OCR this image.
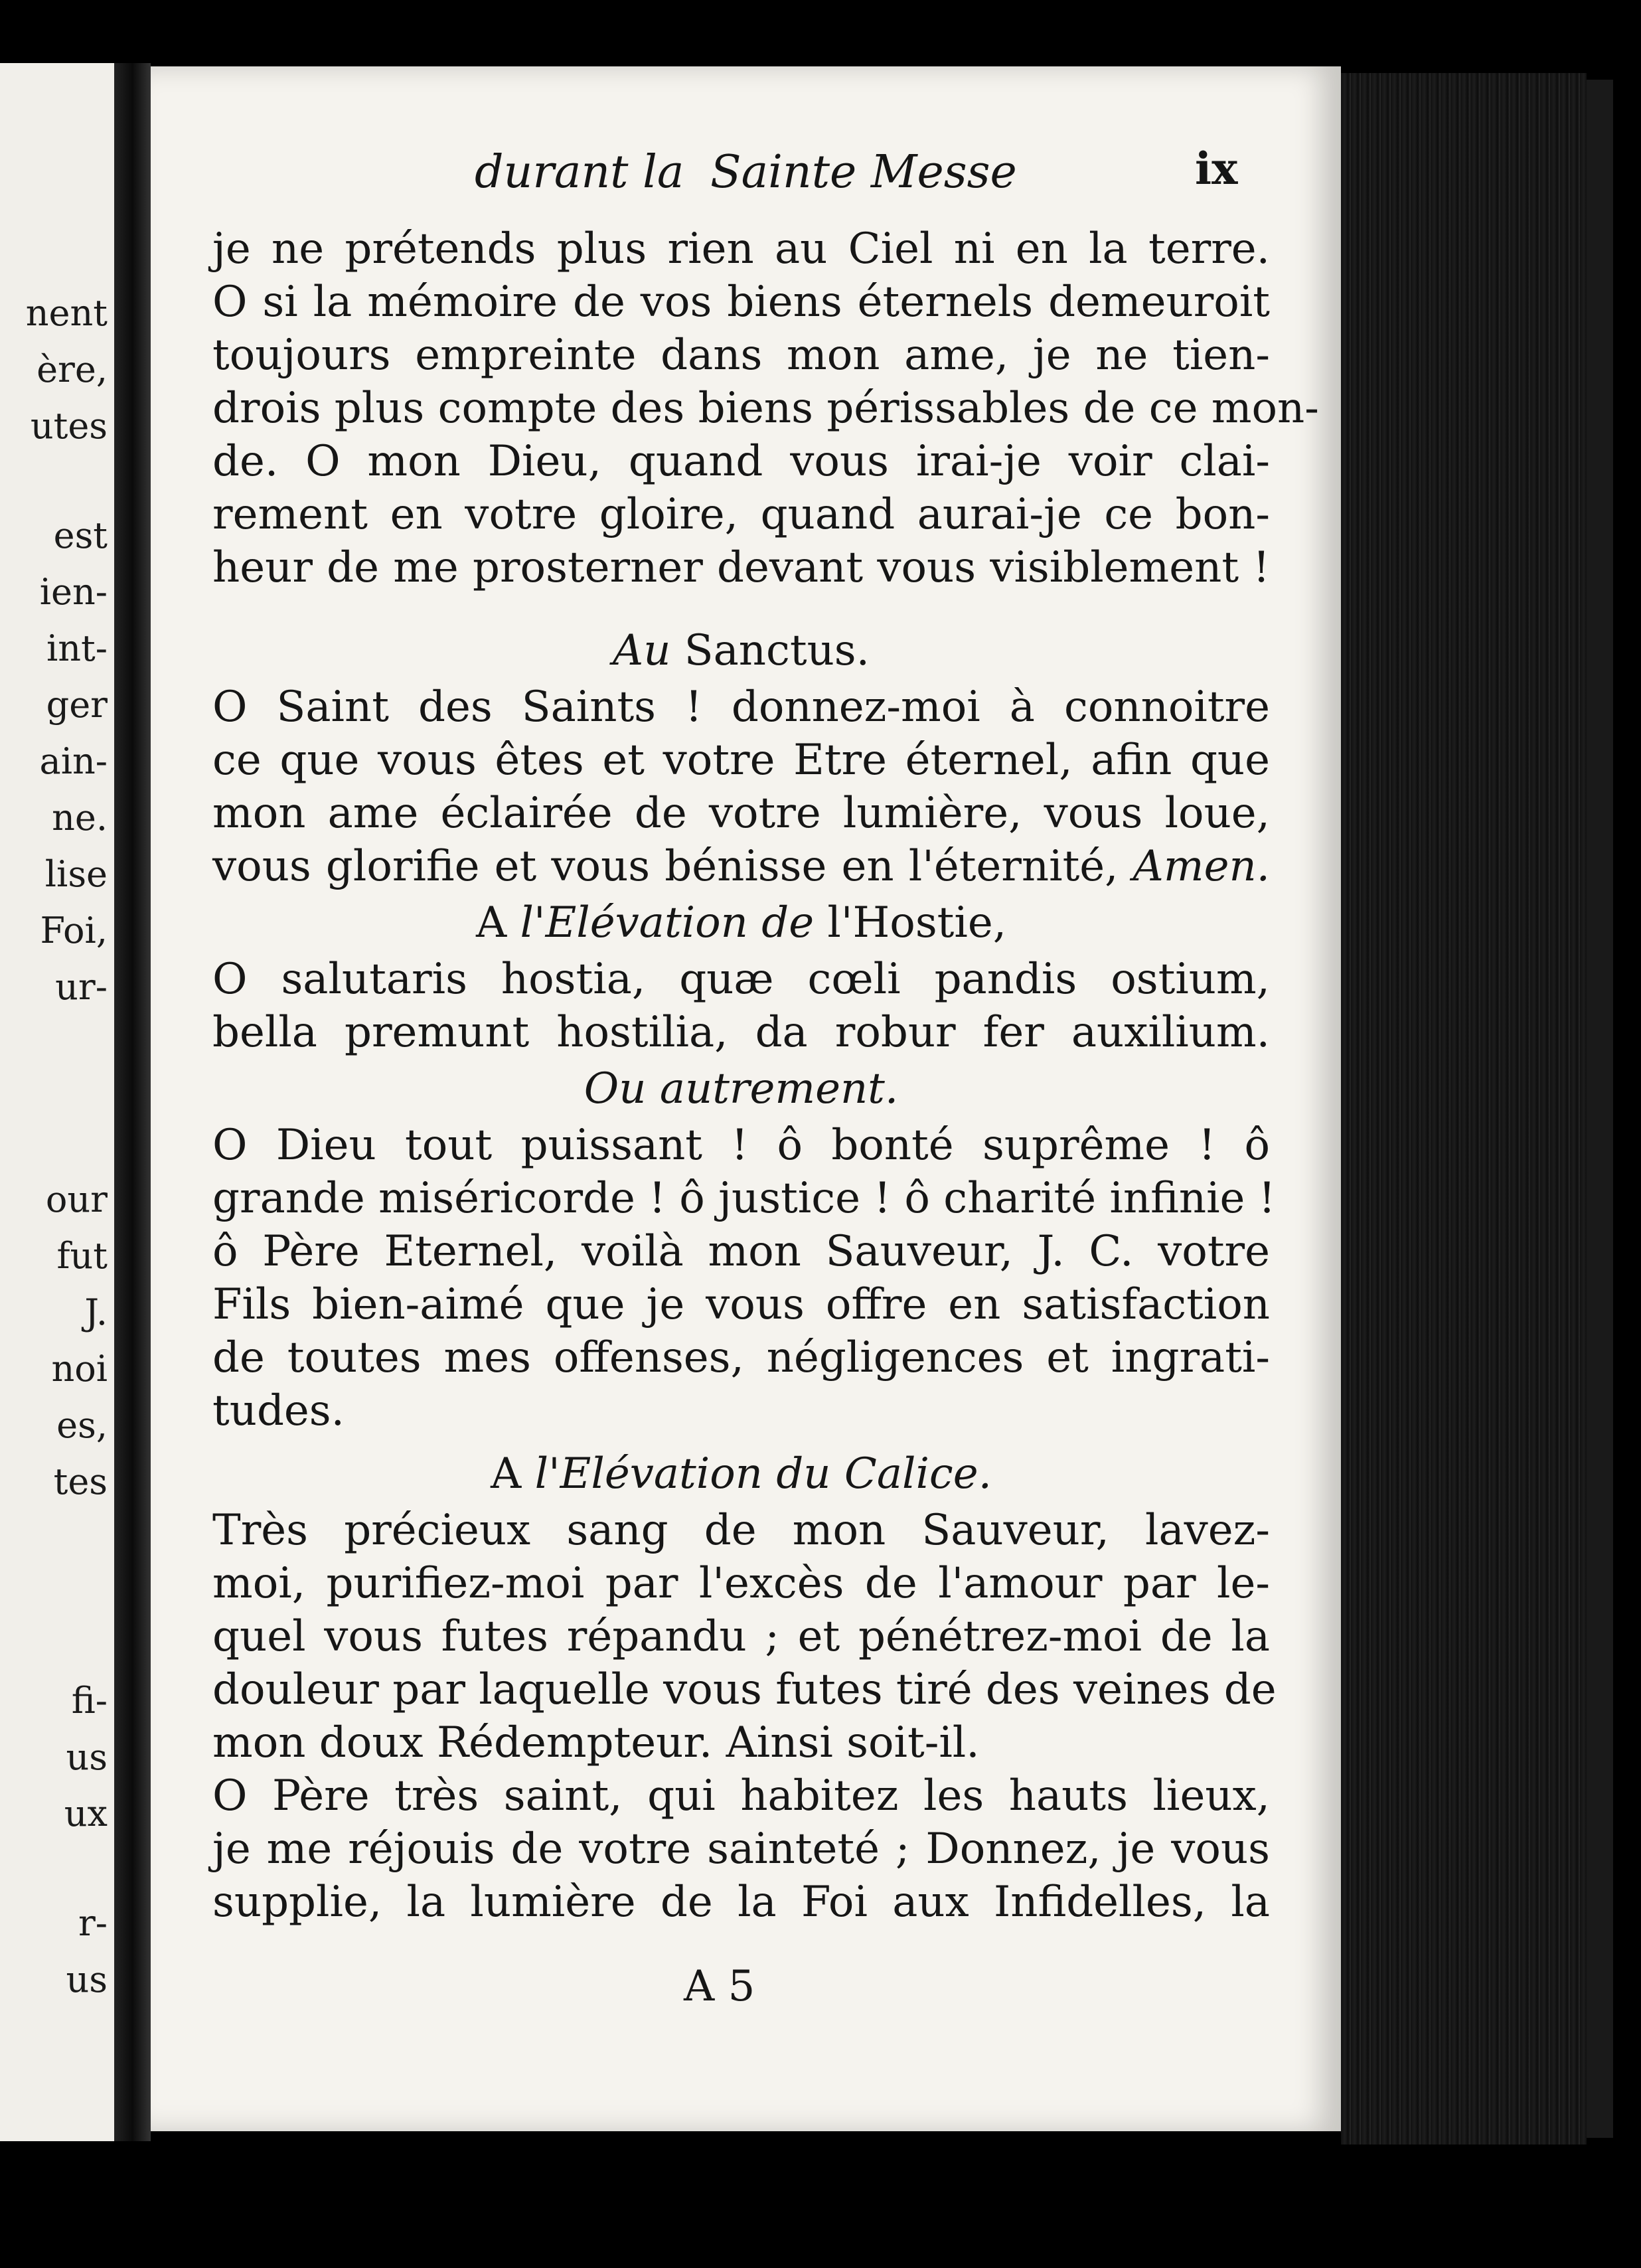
nent
ère,
utes
est
ien-
int-
ger
ain-
ne.
lise
Foi,
ur-
our
fut
J.
noi
es,
tes
fi-
us
ux
r-
us
durant la Sainte Messe	ix
je ne prétends plus rien au Ciel ni en la terre.
O si la mémoire de vos biens éternels demeuroit
toujours empreinte dans mon ame, je ne tien-
drois plus compte des biens périssables de ce mon-
de. O mon Dieu, quand vous irai-je voir clai-
rement en votre gloire, quand aurai-je ce bon-
heur de me prosterner devant vous visiblement !
Au Sanctus.
O Saint des Saints ! donnez-moi à connoitre
ce que vous êtes et votre Etre éternel, afin que
mon ame éclairée de votre lumière, vous loue,
vous glorifie et vous bénisse en l'éternité, Amen.
A l'Elévation de l'Hostie,
O salutaris hostia, quæ cœli pandis ostium,
bella premunt hostilia, da robur fer auxilium.
Ou autrement.
O Dieu tout puissant ! ô bonté suprême ! ô
grande miséricorde ! ô justice ! ô charité infinie !
ô Père Eternel, voilà mon Sauveur, J. C. votre
Fils bien-aimé que je vous offre en satisfaction
de toutes mes offenses, négligences et ingrati-
tudes.
A l'Elévation du Calice.
Très précieux sang de mon Sauveur, lavez-
moi, purifiez-moi par l'excès de l'amour par le-
quel vous futes répandu ; et pénétrez-moi de la
douleur par laquelle vous futes tiré des veines de
mon doux Rédempteur. Ainsi soit-il.
O Père très saint, qui habitez les hauts lieux,
je me réjouis de votre sainteté ; Donnez, je vous
supplie, la lumière de la Foi aux Infidelles, la
A 5
